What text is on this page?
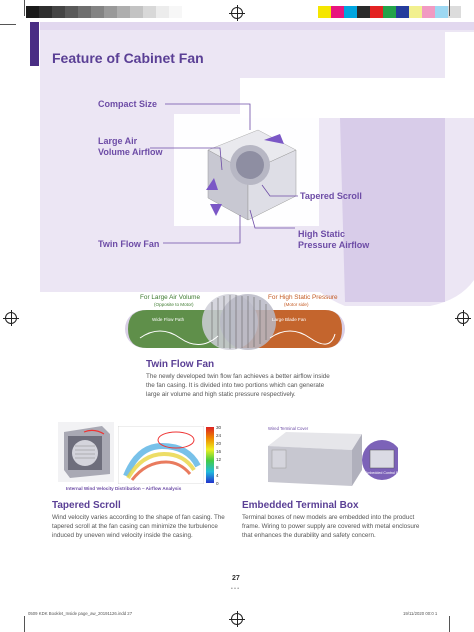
Feature of Cabinet Fan
Compact Size
Large Air
Volume Airflow
Tapered Scroll
High Static
Pressure Airflow
Twin Flow Fan
For Large Air Volume
(Opposite to Motor)
For High Static Pressure
(Motor side)
Wide Flow Path	Large Blade Fan
Twin Flow Fan
The newly developed twin flow fan achieves a better airflow inside
the fan casing. It is divided into two portions which can generate
large air volume and high static pressure respectively.
30
24
20
16
12
8
4
0
Internal Wind Velocity Distribution – Airflow Analysis
Wired Terminal Cover
Embedded Control Box
Tapered Scroll
Wind velocity varies according to the shape of fan casing. The
tapered scroll at the fan casing can minimize the turbulence
induced by uneven wind velocity inside the casing.
Embedded Terminal Box
Terminal boxes of new models are embedded into the product
frame. Wiring to power supply are covered with metal enclosure
that enhances the durability and safety concern.
27
• • •
0509 KDK Booklet_Inside page_aw_20191126.indd 27	19/11/2020 00:0 1
